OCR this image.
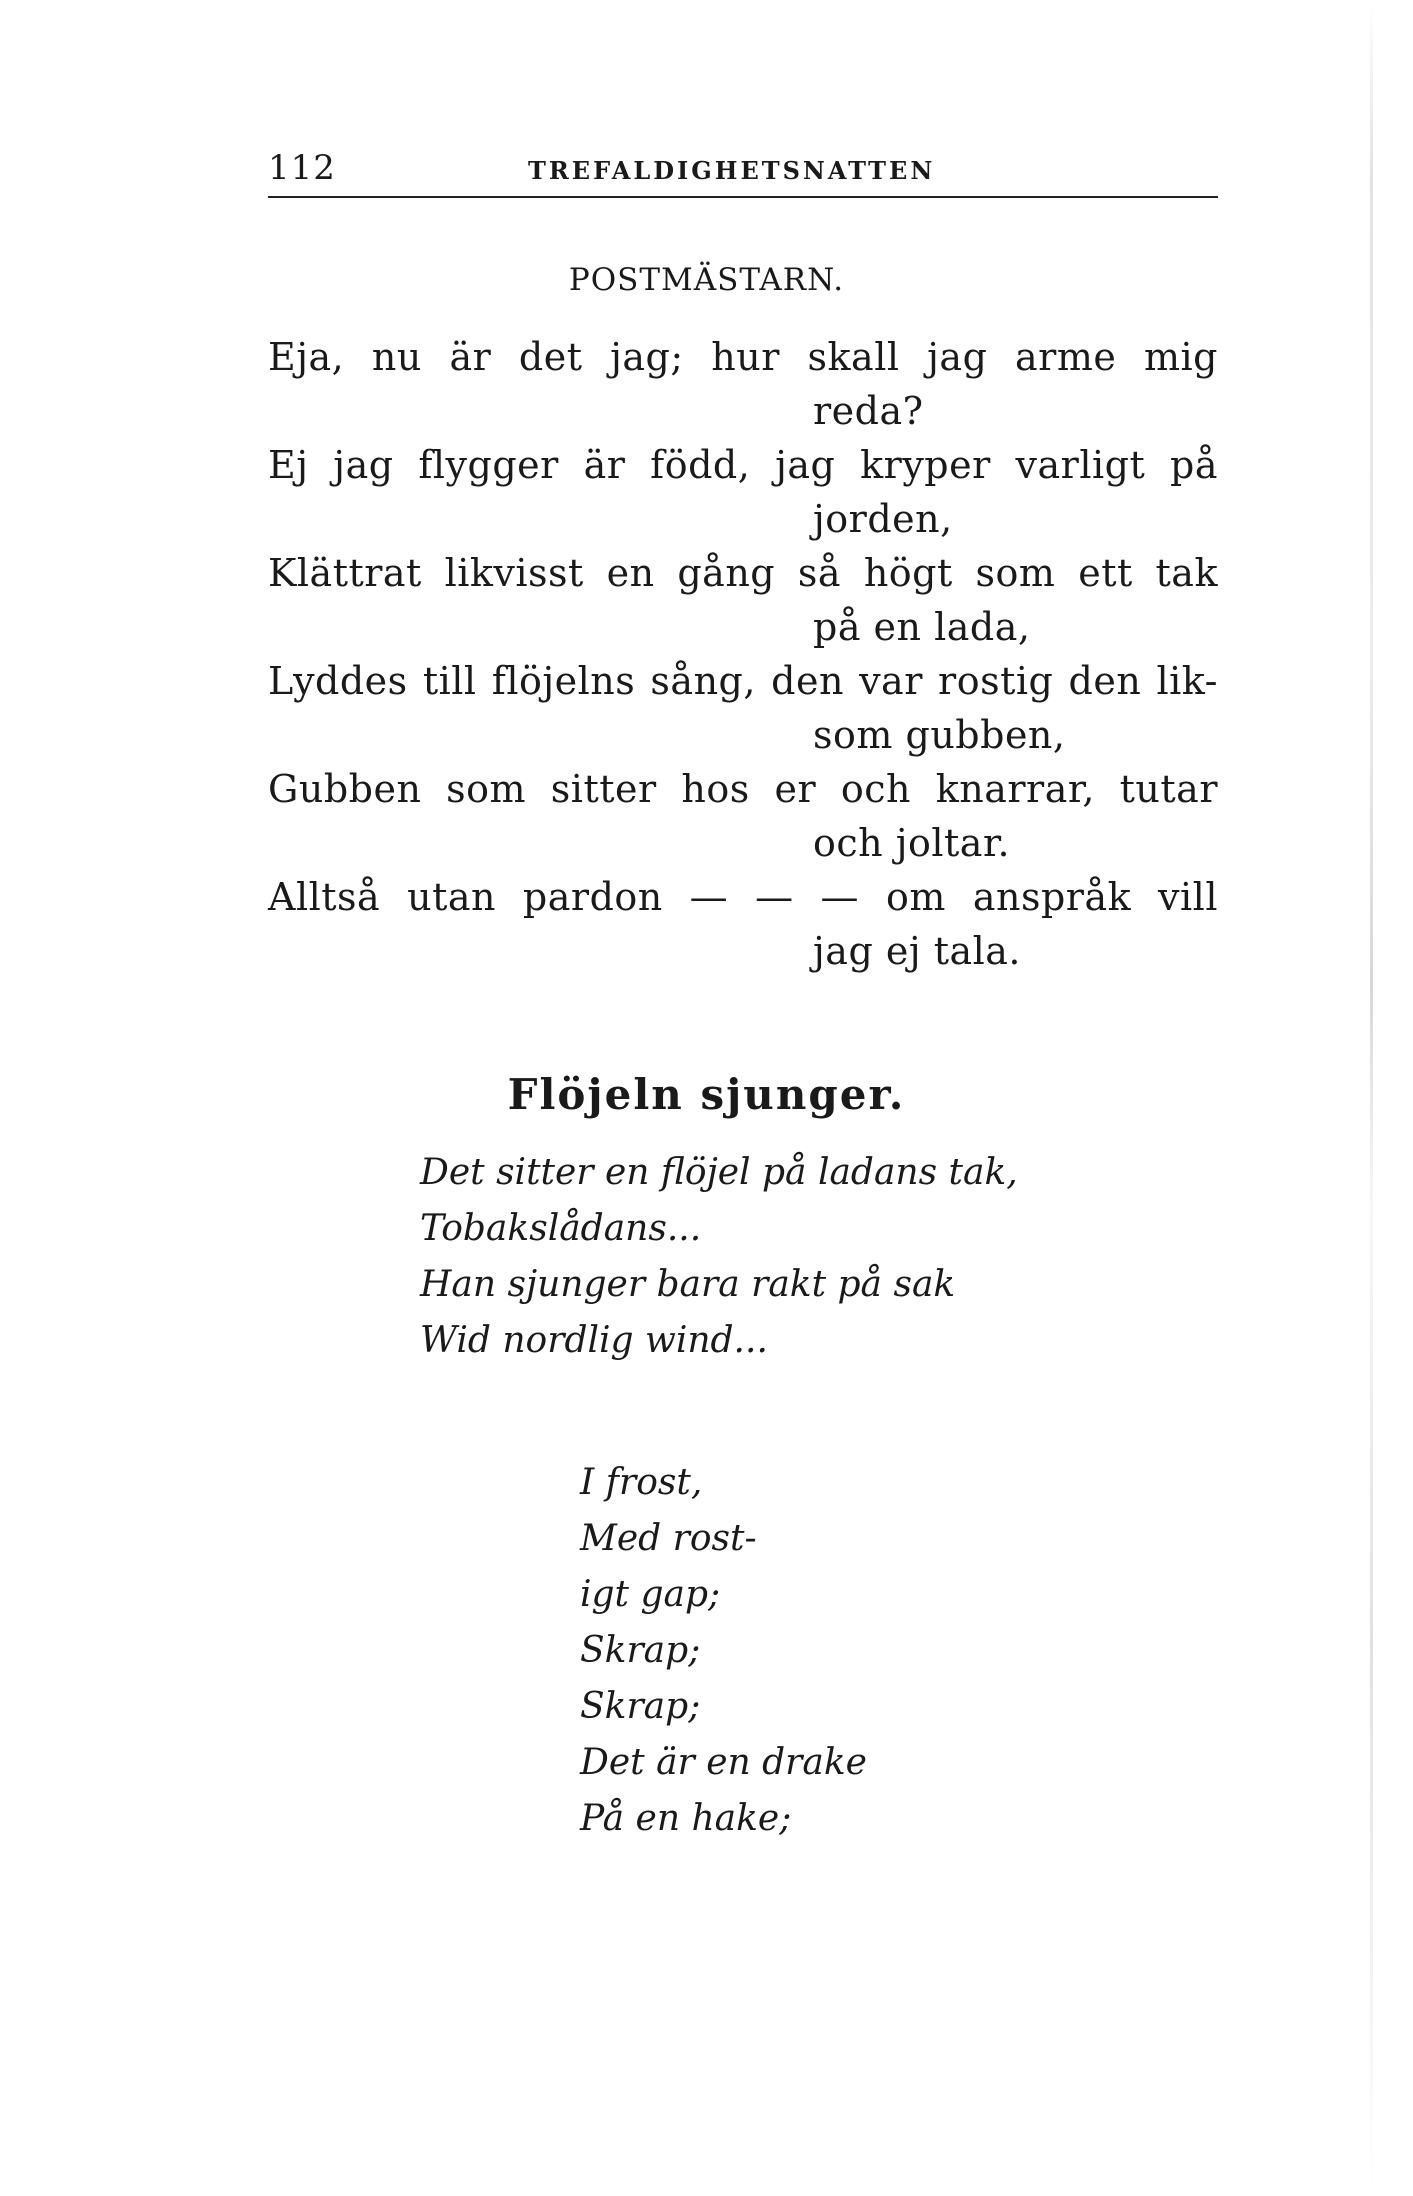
112	TREFALDIGHETSNATTEN
POSTMÄSTARN.

Eja, nu är det jag; hur skall jag arme mig
reda?

Ej jag flygger är född, jag kryper varligt på
jorden,

Klättrat likvisst en gång så högt som ett tak
på en lada,

Lyddes till flöjelns sång, den var rostig den lik-
som gubben,

Gubben som sitter hos er och knarrar, tutar
och joltar.

Alltså utan pardon — — — om anspråk vill
jag ej tala.

Flöjeln sjunger.
Det sitter en flöjel på ladans tak,
Tobakslådans...
Han sjunger bara rakt på sak
Wid nordlig wind...
I frost,
Med rost-
igt gap;
Skrap;
Skrap;
Det är en drake
På en hake;
